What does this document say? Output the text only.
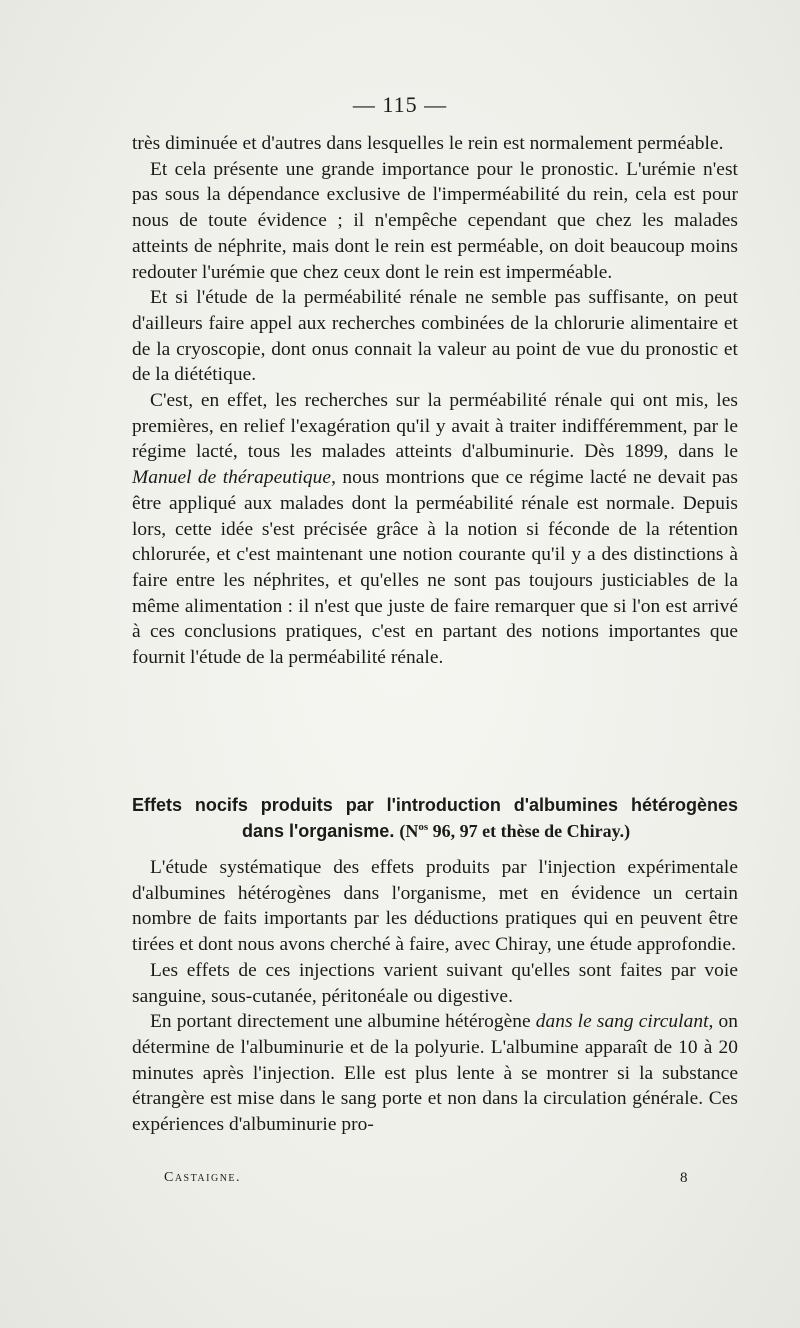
— 115 —

très diminuée et d'autres dans lesquelles le rein est normalement perméable.

Et cela présente une grande importance pour le pronostic. L'urémie n'est pas sous la dépendance exclusive de l'imperméabilité du rein, cela est pour nous de toute évidence ; il n'empêche cependant que chez les malades atteints de néphrite, mais dont le rein est perméable, on doit beaucoup moins redouter l'urémie que chez ceux dont le rein est imperméable.

Et si l'étude de la perméabilité rénale ne semble pas suffisante, on peut d'ailleurs faire appel aux recherches combinées de la chlorurie alimentaire et de la cryoscopie, dont onus connait la valeur au point de vue du pronostic et de la diététique.

C'est, en effet, les recherches sur la perméabilité rénale qui ont mis, les premières, en relief l'exagération qu'il y avait à traiter indifféremment, par le régime lacté, tous les malades atteints d'albuminurie. Dès 1899, dans le Manuel de thérapeutique, nous montrions que ce régime lacté ne devait pas être appliqué aux malades dont la perméabilité rénale est normale. Depuis lors, cette idée s'est précisée grâce à la notion si féconde de la rétention chlorurée, et c'est maintenant une notion courante qu'il y a des distinctions à faire entre les néphrites, et qu'elles ne sont pas toujours justiciables de la même alimentation : il n'est que juste de faire remarquer que si l'on est arrivé à ces conclusions pratiques, c'est en partant des notions importantes que fournit l'étude de la perméabilité rénale.

Effets nocifs produits par l'introduction d'albumines hétérogènes
dans l'organisme. ($N^{os}$ 96, 97 et thèse de Chiray.)

L'étude systématique des effets produits par l'injection expérimentale d'albumines hétérogènes dans l'organisme, met en évidence un certain nombre de faits importants par les déductions pratiques qui en peuvent être tirées et dont nous avons cherché à faire, avec Chiray, une étude approfondie.

Les effets de ces injections varient suivant qu'elles sont faites par voie sanguine, sous-cutanée, péritonéale ou digestive.

En portant directement une albumine hétérogène dans le sang circulant, on détermine de l'albuminurie et de la polyurie. L'albumine apparaît de 10 à 20 minutes après l'injection. Elle est plus lente à se montrer si la substance étrangère est mise dans le sang porte et non dans la circulation générale. Ces expériences d'albuminurie pro-

Castaigne.	8
